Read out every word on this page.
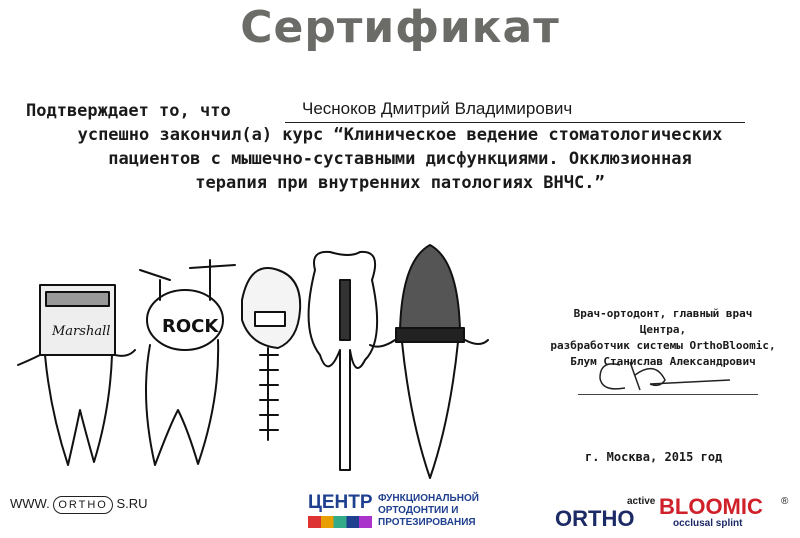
Сертификат
Подтверждает то, что	Чесноков Дмитрий Владимирович
успешно закончил(а) курс “Клиническое ведение стоматологических
пациентов с мышечно-суставными дисфункциями. Окклюзионная
терапия при внутренних патологиях ВНЧС.”
Marshall	ROCK
Врач-ортодонт, главный врач Центра,
разбработчик системы OrthoBloomic,
Блум Станислав Александрович
г. Москва, 2015 год
WWW. ORTHO S.RU	ЦЕНТР ФУНКЦИОНАЛЬНОЙ
ОРТОДОНТИИ И
ПРОТЕЗИРОВАНИЯ	ORTHO
active BLOOMIC ®
occlusal splint
